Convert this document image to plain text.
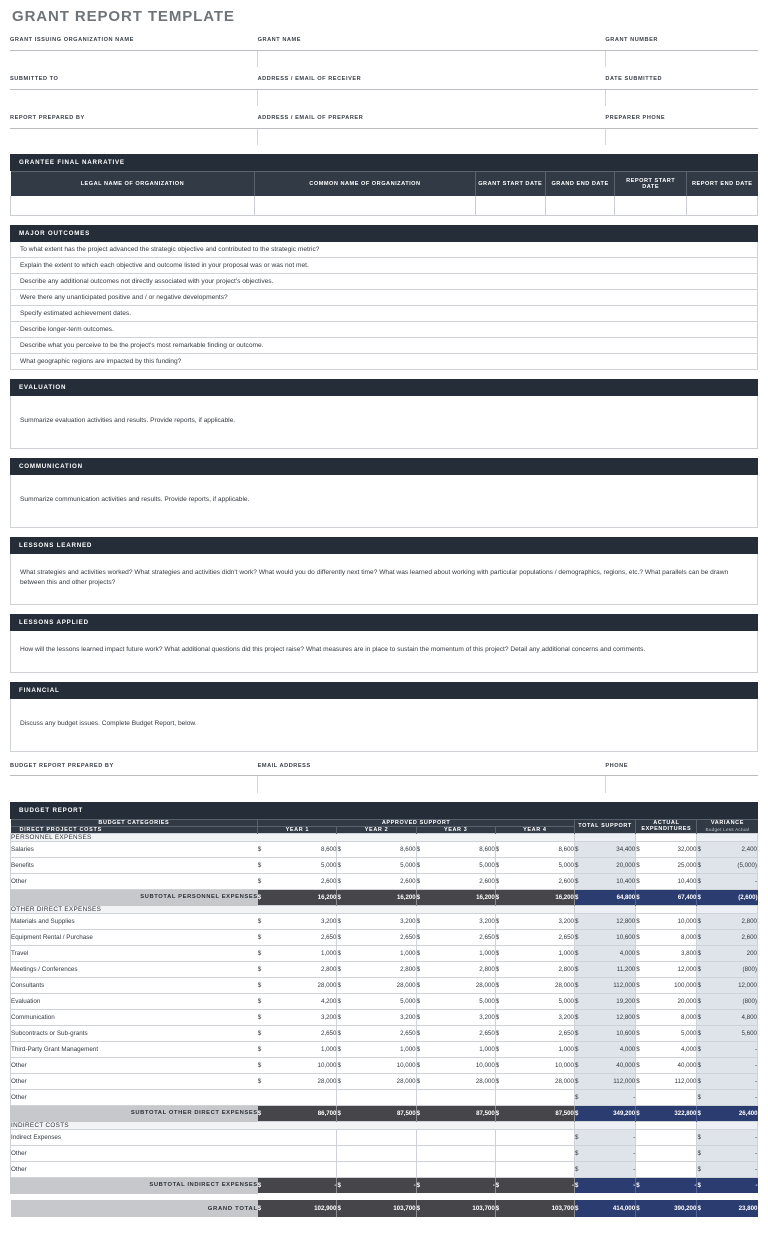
GRANT REPORT TEMPLATE
GRANT ISSUING ORGANIZATION NAME	GRANT NAME	GRANT NUMBER

SUBMITTED TO	ADDRESS / EMAIL OF RECEIVER	DATE SUBMITTED

REPORT PREPARED BY	ADDRESS / EMAIL OF PREPARER	PREPARER PHONE

GRANTEE FINAL NARRATIVE
LEGAL NAME OF ORGANIZATION	COMMON NAME OF ORGANIZATION	GRANT START DATE	GRAND END DATE	REPORT START DATE	REPORT END DATE

MAJOR OUTCOMES
To what extent has the project advanced the strategic objective and contributed to the strategic metric?
Explain the extent to which each objective and outcome listed in your proposal was or was not met.
Describe any additional outcomes not directly associated with your project's objectives.
Were there any unanticipated positive and / or negative developments?
Specify estimated achievement dates.
Describe longer-term outcomes.
Describe what you perceive to be the project's most remarkable finding or outcome.
What geographic regions are impacted by this funding?
EVALUATION
Summarize evaluation activities and results. Provide reports, if applicable.
COMMUNICATION
Summarize communication activities and results. Provide reports, if applicable.
LESSONS LEARNED
What strategies and activities worked? What strategies and activities didn't work? What would you do differently next time? What was learned about working with particular populations / demographics, regions, etc.? What parallels can be drawn between this and other projects?
LESSONS APPLIED
How will the lessons learned impact future work? What additional questions did this project raise? What measures are in place to sustain the momentum of this project? Detail any additional concerns and comments.
FINANCIAL
Discuss any budget issues. Complete Budget Report, below.
BUDGET REPORT PREPARED BY	EMAIL ADDRESS	PHONE

BUDGET REPORT
BUDGET CATEGORIES	APPROVED SUPPORT				TOTAL SUPPORT	ACTUAL EXPENDITURES	VARIANCE
Budget Less Actual

DIRECT PROJECT COSTS	YEAR 1	YEAR 2	YEAR 3	YEAR 4			
PERSONNEL EXPENSES							
Salaries	$ 8,600	$ 8,600	$ 8,600	$ 8,600	$ 34,400	$ 32,000	$ 2,400

Benefits	$ 5,000	$ 5,000	$ 5,000	$ 5,000	$ 20,000	$ 25,000	$ (5,000)

Other	$ 2,600	$ 2,600	$ 2,600	$ 2,600	$ 10,400	$ 10,400	$ -

SUBTOTAL PERSONNEL EXPENSES	$ 16,200	$ 16,200	$ 16,200	$ 16,200	$ 64,800	$ 67,400	$ (2,600)

OTHER DIRECT EXPENSES							
Materials and Supplies	$ 3,200	$ 3,200	$ 3,200	$ 3,200	$ 12,800	$ 10,000	$ 2,800

Equipment Rental / Purchase	$ 2,650	$ 2,650	$ 2,650	$ 2,650	$ 10,600	$ 8,000	$ 2,600

Travel	$ 1,000	$ 1,000	$ 1,000	$ 1,000	$ 4,000	$ 3,800	$ 200

Meetings / Conferences	$ 2,800	$ 2,800	$ 2,800	$ 2,800	$ 11,200	$ 12,000	$ (800)

Consultants	$ 28,000	$ 28,000	$ 28,000	$ 28,000	$ 112,000	$ 100,000	$ 12,000

Evaluation	$ 4,200	$ 5,000	$ 5,000	$ 5,000	$ 19,200	$ 20,000	$ (800)

Communication	$ 3,200	$ 3,200	$ 3,200	$ 3,200	$ 12,800	$ 8,000	$ 4,800

Subcontracts or Sub-grants	$ 2,650	$ 2,650	$ 2,650	$ 2,650	$ 10,600	$ 5,000	$ 5,600

Third-Party Grant Management	$ 1,000	$ 1,000	$ 1,000	$ 1,000	$ 4,000	$ 4,000	$ -

Other	$ 10,000	$ 10,000	$ 10,000	$ 10,000	$ 40,000	$ 40,000	$ -

Other	$ 28,000	$ 28,000	$ 28,000	$ 28,000	$ 112,000	$ 112,000	$ -

Other					$ -		$ -

SUBTOTAL OTHER DIRECT EXPENSES	$ 86,700	$ 87,500	$ 87,500	$ 87,500	$ 349,200	$ 322,800	$ 26,400

INDIRECT COSTS							
Indirect Expenses					$ -		$ -

Other					$ -		$ -

Other					$ -		$ -

SUBTOTAL INDIRECT EXPENSES	$ -	$ -	$ -	$ -	$ -	$ -	$ -

GRAND TOTAL	$ 102,900	$ 103,700	$ 103,700	$ 103,700	$ 414,000	$ 390,200	$ 23,800
